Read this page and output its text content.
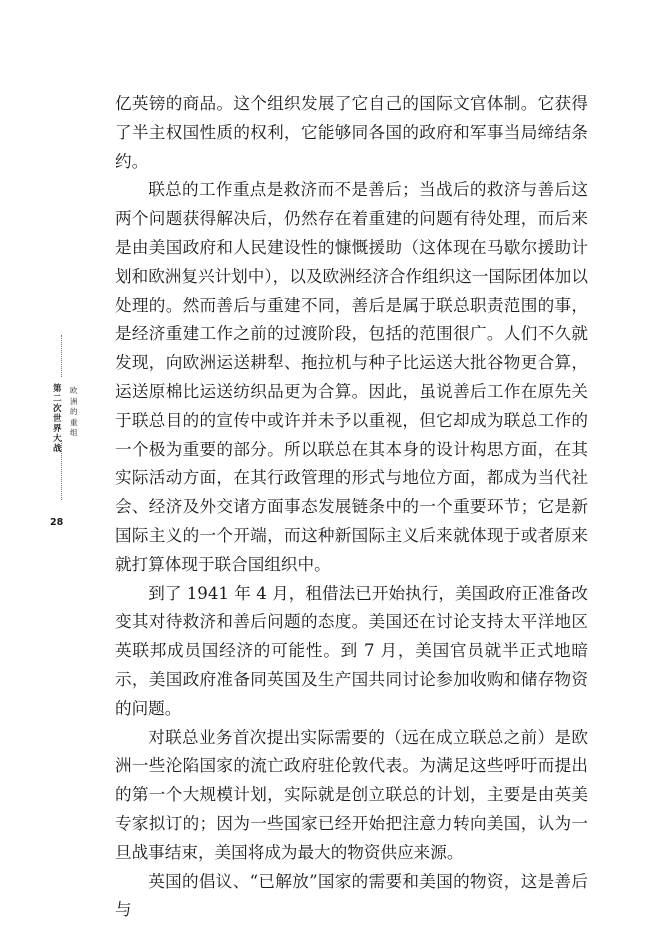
第二次世界大战
欧洲的重组
28

亿英镑的商品。这个组织发展了它自己的国际文官体制。它获得了半主权国性质的权利，它能够同各国的政府和军事当局缔结条约。

联总的工作重点是救济而不是善后；当战后的救济与善后这两个问题获得解决后，仍然存在着重建的问题有待处理，而后来是由美国政府和人民建设性的慷慨援助（这体现在马歇尔援助计划和欧洲复兴计划中），以及欧洲经济合作组织这一国际团体加以处理的。然而善后与重建不同，善后是属于联总职责范围的事，是经济重建工作之前的过渡阶段，包括的范围很广。人们不久就发现，向欧洲运送耕犁、拖拉机与种子比运送大批谷物更合算，运送原棉比运送纺织品更为合算。因此，虽说善后工作在原先关于联总目的的宣传中或许并未予以重视，但它却成为联总工作的一个极为重要的部分。所以联总在其本身的设计构思方面，在其实际活动方面，在其行政管理的形式与地位方面，都成为当代社会、经济及外交诸方面事态发展链条中的一个重要环节；它是新国际主义的一个开端，而这种新国际主义后来就体现于或者原来就打算体现于联合国组织中。

到了 1941 年 4 月，租借法已开始执行，美国政府正准备改变其对待救济和善后问题的态度。美国还在讨论支持太平洋地区英联邦成员国经济的可能性。到 7 月，美国官员就半正式地暗示，美国政府准备同英国及生产国共同讨论参加收购和储存物资的问题。

对联总业务首次提出实际需要的（远在成立联总之前）是欧洲一些沦陷国家的流亡政府驻伦敦代表。为满足这些呼吁而提出的第一个大规模计划，实际就是创立联总的计划，主要是由英美专家拟订的；因为一些国家已经开始把注意力转向美国，认为一旦战事结束，美国将成为最大的物资供应来源。

英国的倡议、“已解放”国家的需要和美国的物资，这是善后与
